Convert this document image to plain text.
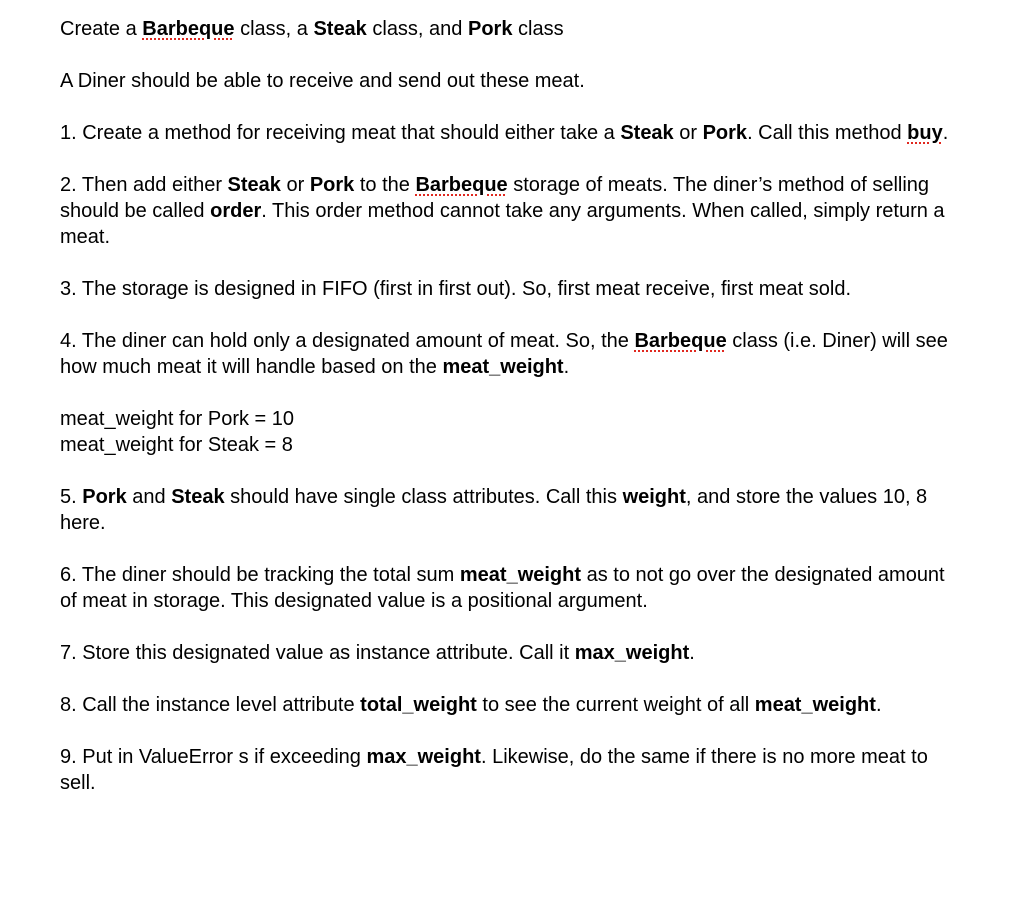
Create a Barbeque class, a Steak class, and Pork class

A Diner should be able to receive and send out these meat.

1. Create a method for receiving meat that should either take a Steak or Pork. Call this method buy.

2. Then add either Steak or Pork to the Barbeque storage of meats. The diner’s method of selling should be called order. This order method cannot take any arguments. When called, simply return a meat.

3. The storage is designed in FIFO (first in first out). So, first meat receive, first meat sold.

4. The diner can hold only a designated amount of meat. So, the Barbeque class (i.e. Diner) will see how much meat it will handle based on the meat_weight.

meat_weight for Pork = 10

meat_weight for Steak = 8

5. Pork and Steak should have single class attributes. Call this weight, and store the values 10, 8 here.

6. The diner should be tracking the total sum meat_weight as to not go over the designated amount of meat in storage. This designated value is a positional argument.

7. Store this designated value as instance attribute. Call it max_weight.

8. Call the instance level attribute total_weight to see the current weight of all meat_weight.

9. Put in ValueError s if exceeding max_weight. Likewise, do the same if there is no more meat to sell.
